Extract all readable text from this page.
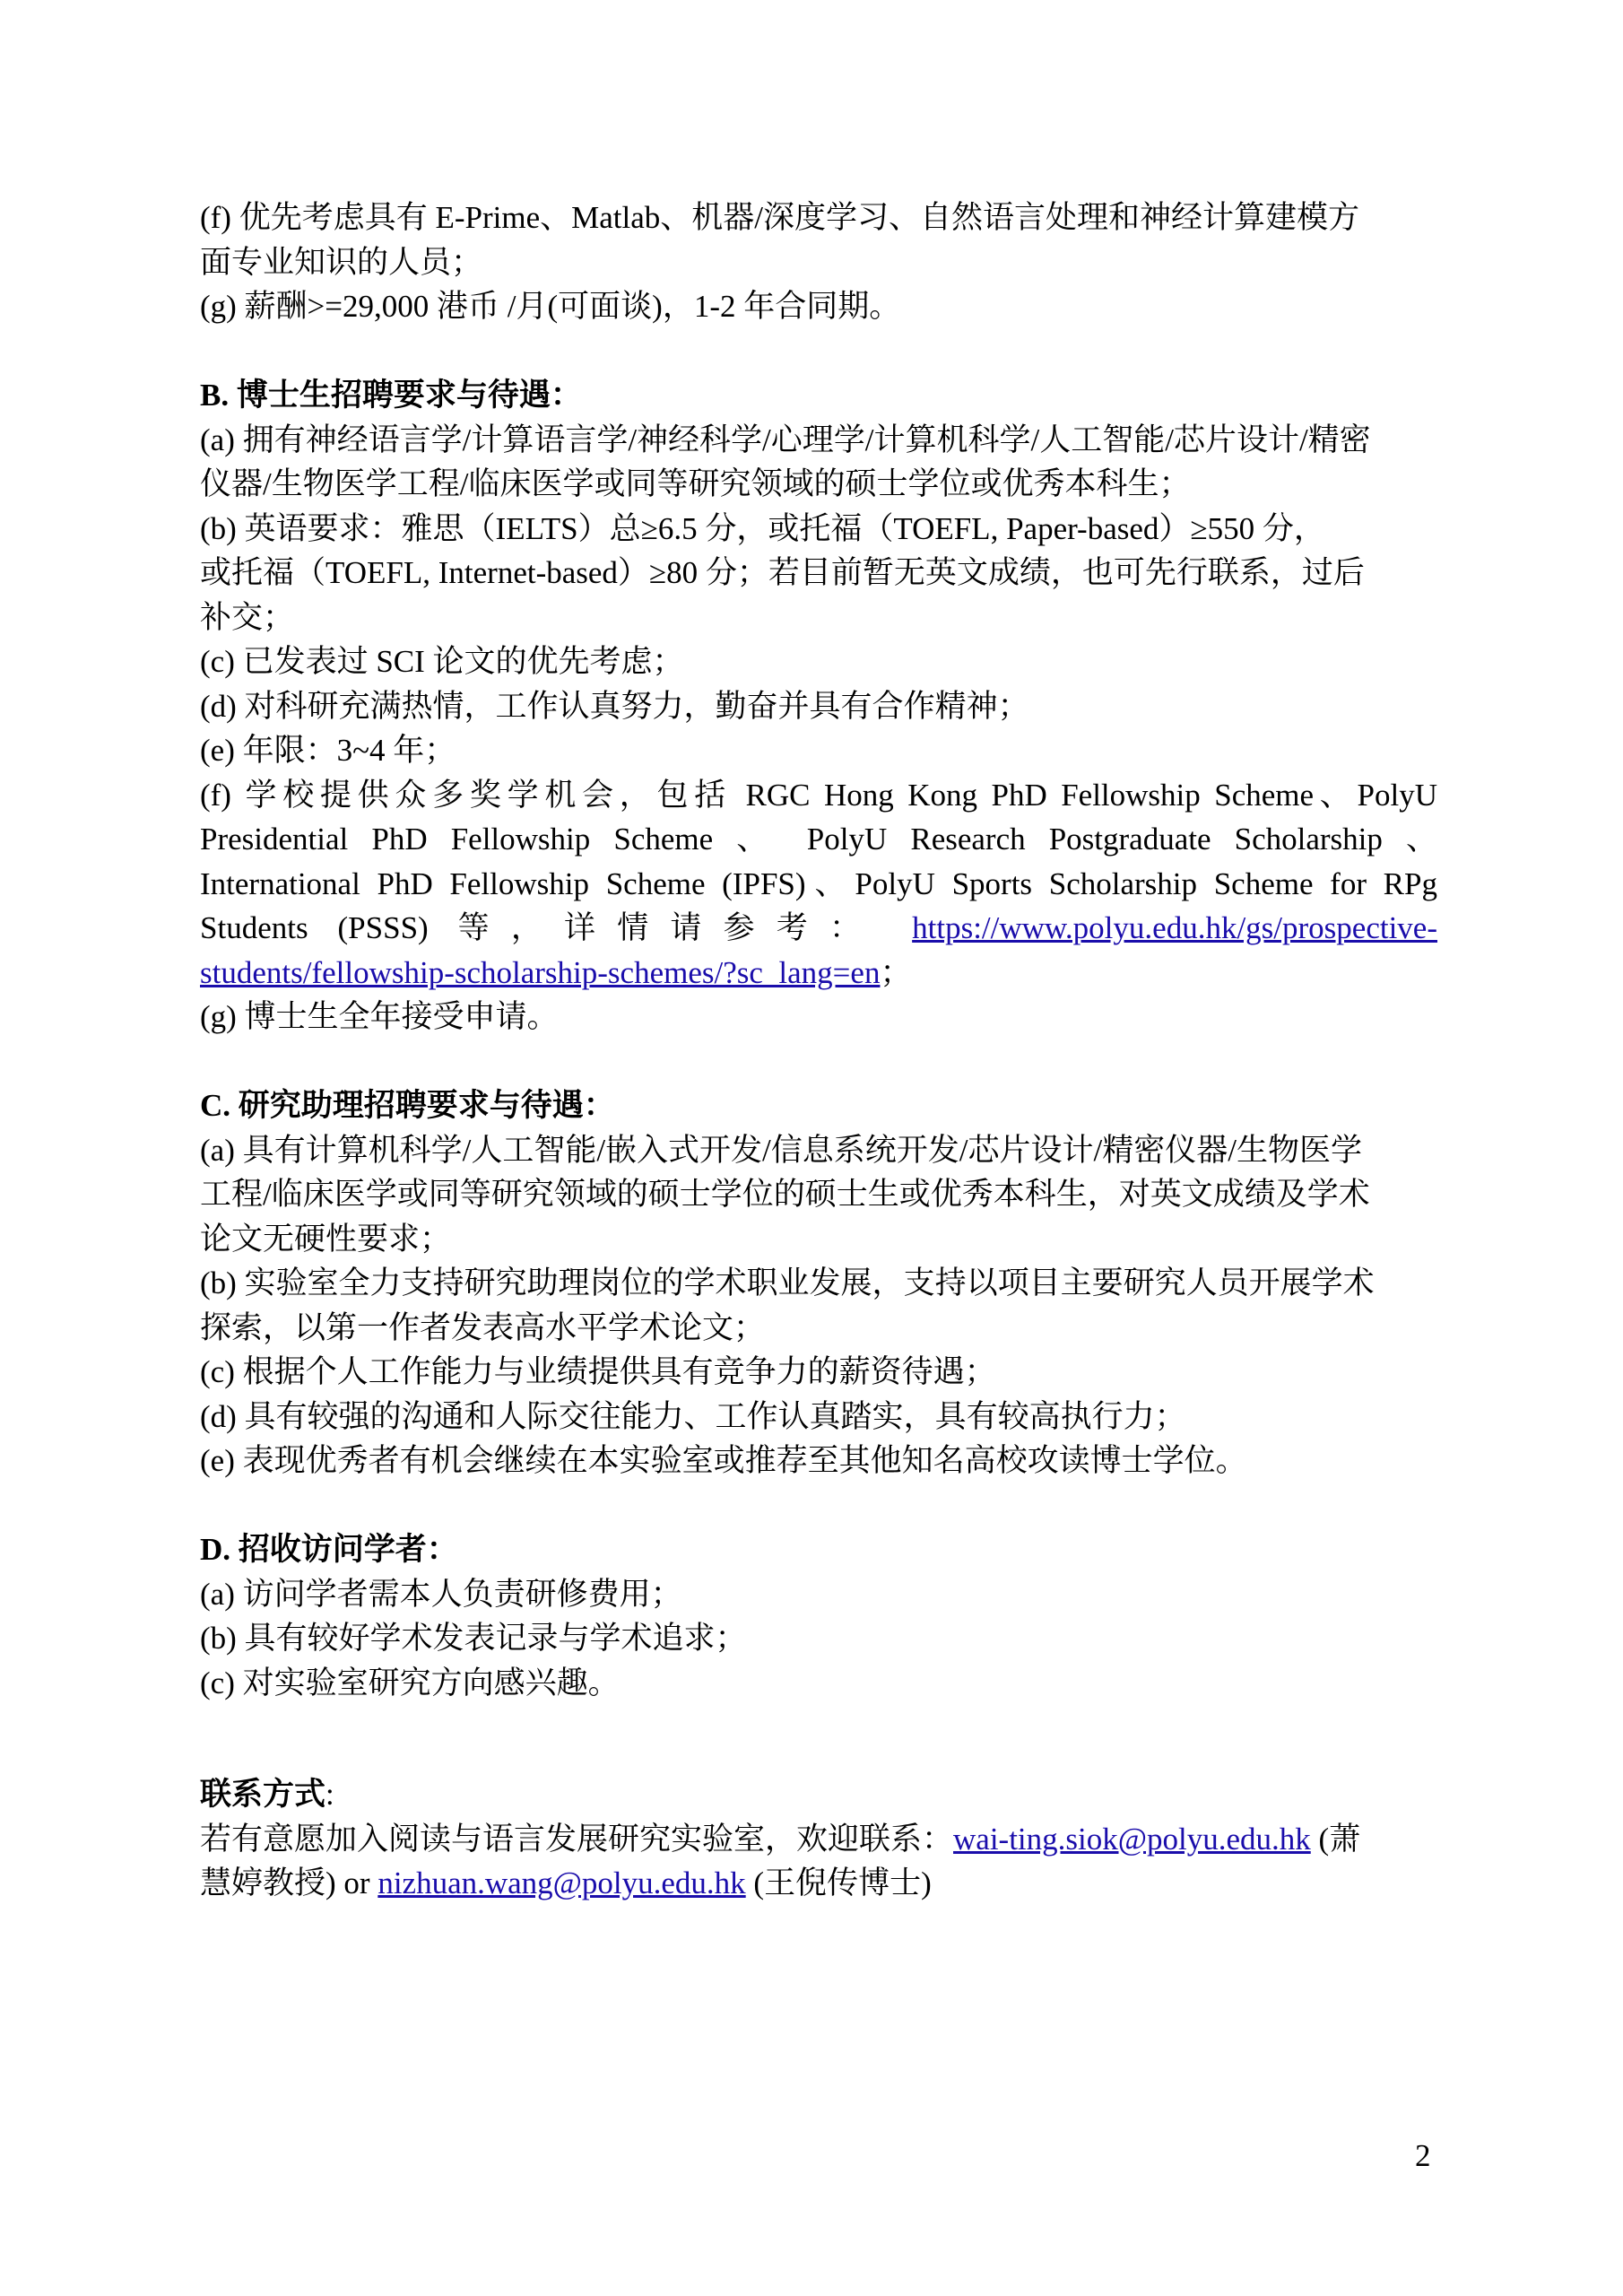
(f) 优先考虑具有 E-Prime、Matlab、机器/深度学习、自然语言处理和神经计算建模方
面专业知识的人员；
(g) 薪酬>=29,000 港币 /月(可面谈)，1-2 年合同期。
B. 博士生招聘要求与待遇：
(a) 拥有神经语言学/计算语言学/神经科学/心理学/计算机科学/人工智能/芯片设计/精密
仪器/生物医学工程/临床医学或同等研究领域的硕士学位或优秀本科生；
(b) 英语要求：雅思（IELTS）总≥6.5 分，或托福（TOEFL, Paper-based）≥550 分，
或托福（TOEFL, Internet-based）≥80 分；若目前暂无英文成绩，也可先行联系，过后
补交；
(c) 已发表过 SCI 论文的优先考虑；
(d) 对科研充满热情，工作认真努力，勤奋并具有合作精神；
(e) 年限：3~4 年；
(f) 学校提供众多奖学机会，包括 RGC Hong Kong PhD Fellowship Scheme、PolyU
Presidential PhD Fellowship Scheme 、 PolyU Research Postgraduate Scholarship 、
International PhD Fellowship Scheme (IPFS)、PolyU Sports Scholarship Scheme for RPg
Students (PSSS) 等，详情请参考： https://www.polyu.edu.hk/gs/prospective-
students/fellowship-scholarship-schemes/?sc_lang=en；
(g) 博士生全年接受申请。
C. 研究助理招聘要求与待遇：
(a) 具有计算机科学/人工智能/嵌入式开发/信息系统开发/芯片设计/精密仪器/生物医学
工程/临床医学或同等研究领域的硕士学位的硕士生或优秀本科生，对英文成绩及学术
论文无硬性要求；
(b) 实验室全力支持研究助理岗位的学术职业发展，支持以项目主要研究人员开展学术
探索，以第一作者发表高水平学术论文；
(c) 根据个人工作能力与业绩提供具有竞争力的薪资待遇；
(d) 具有较强的沟通和人际交往能力、工作认真踏实，具有较高执行力；
(e) 表现优秀者有机会继续在本实验室或推荐至其他知名高校攻读博士学位。
D. 招收访问学者：
(a) 访问学者需本人负责研修费用；
(b) 具有较好学术发表记录与学术追求；
(c) 对实验室研究方向感兴趣。
联系方式:
若有意愿加入阅读与语言发展研究实验室，欢迎联系：wai-ting.siok@polyu.edu.hk (萧
慧婷教授) or nizhuan.wang@polyu.edu.hk (王倪传博士)
2
